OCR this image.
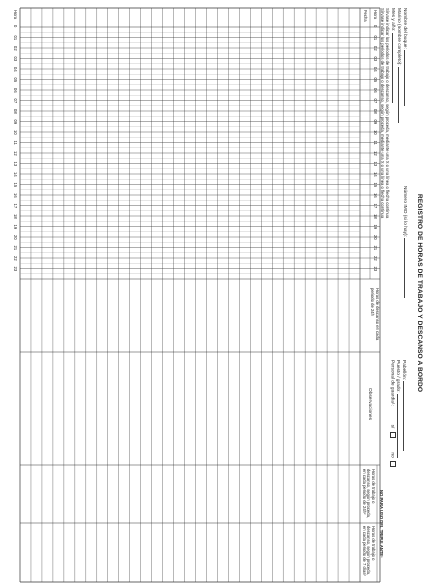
REGISTRO DE HORAS DE TRABAJO Y DESCANSO A BORDO
Nombre del buque:
Número IMO (si lo hay):
Marino (nombre completo):
Mes y año:
Pabellón:
Puesto / grado:
Personal de guardia¹:  sí   no
Sírvase indicar los periodos de trabajo o descanso, según proceda, mediante una X o una línea o flecha continua
Sírvase indicar los periodos de trabajo o descanso, según proceda, mediante una X o una línea o flecha continua
Hora
Fecha
0
01
02
03
04
05
06
07
08
09
10
11
12
13
14
15
16
17
18
19
20
21
22
23
Horas de descanso en cada periodo de 24h
Observaciones
NO PARA USO DEL TRIPULANTE¹
Horas de trabajo o descanso, según proceda, en cada periodo de 24h²
Horas de trabajo o descanso, según proceda, en cada periodo de 7 días²
Hora
0
01
02
03
04
05
06
07
08
09
10
11
12
13
14
15
16
17
18
19
20
21
22
23
